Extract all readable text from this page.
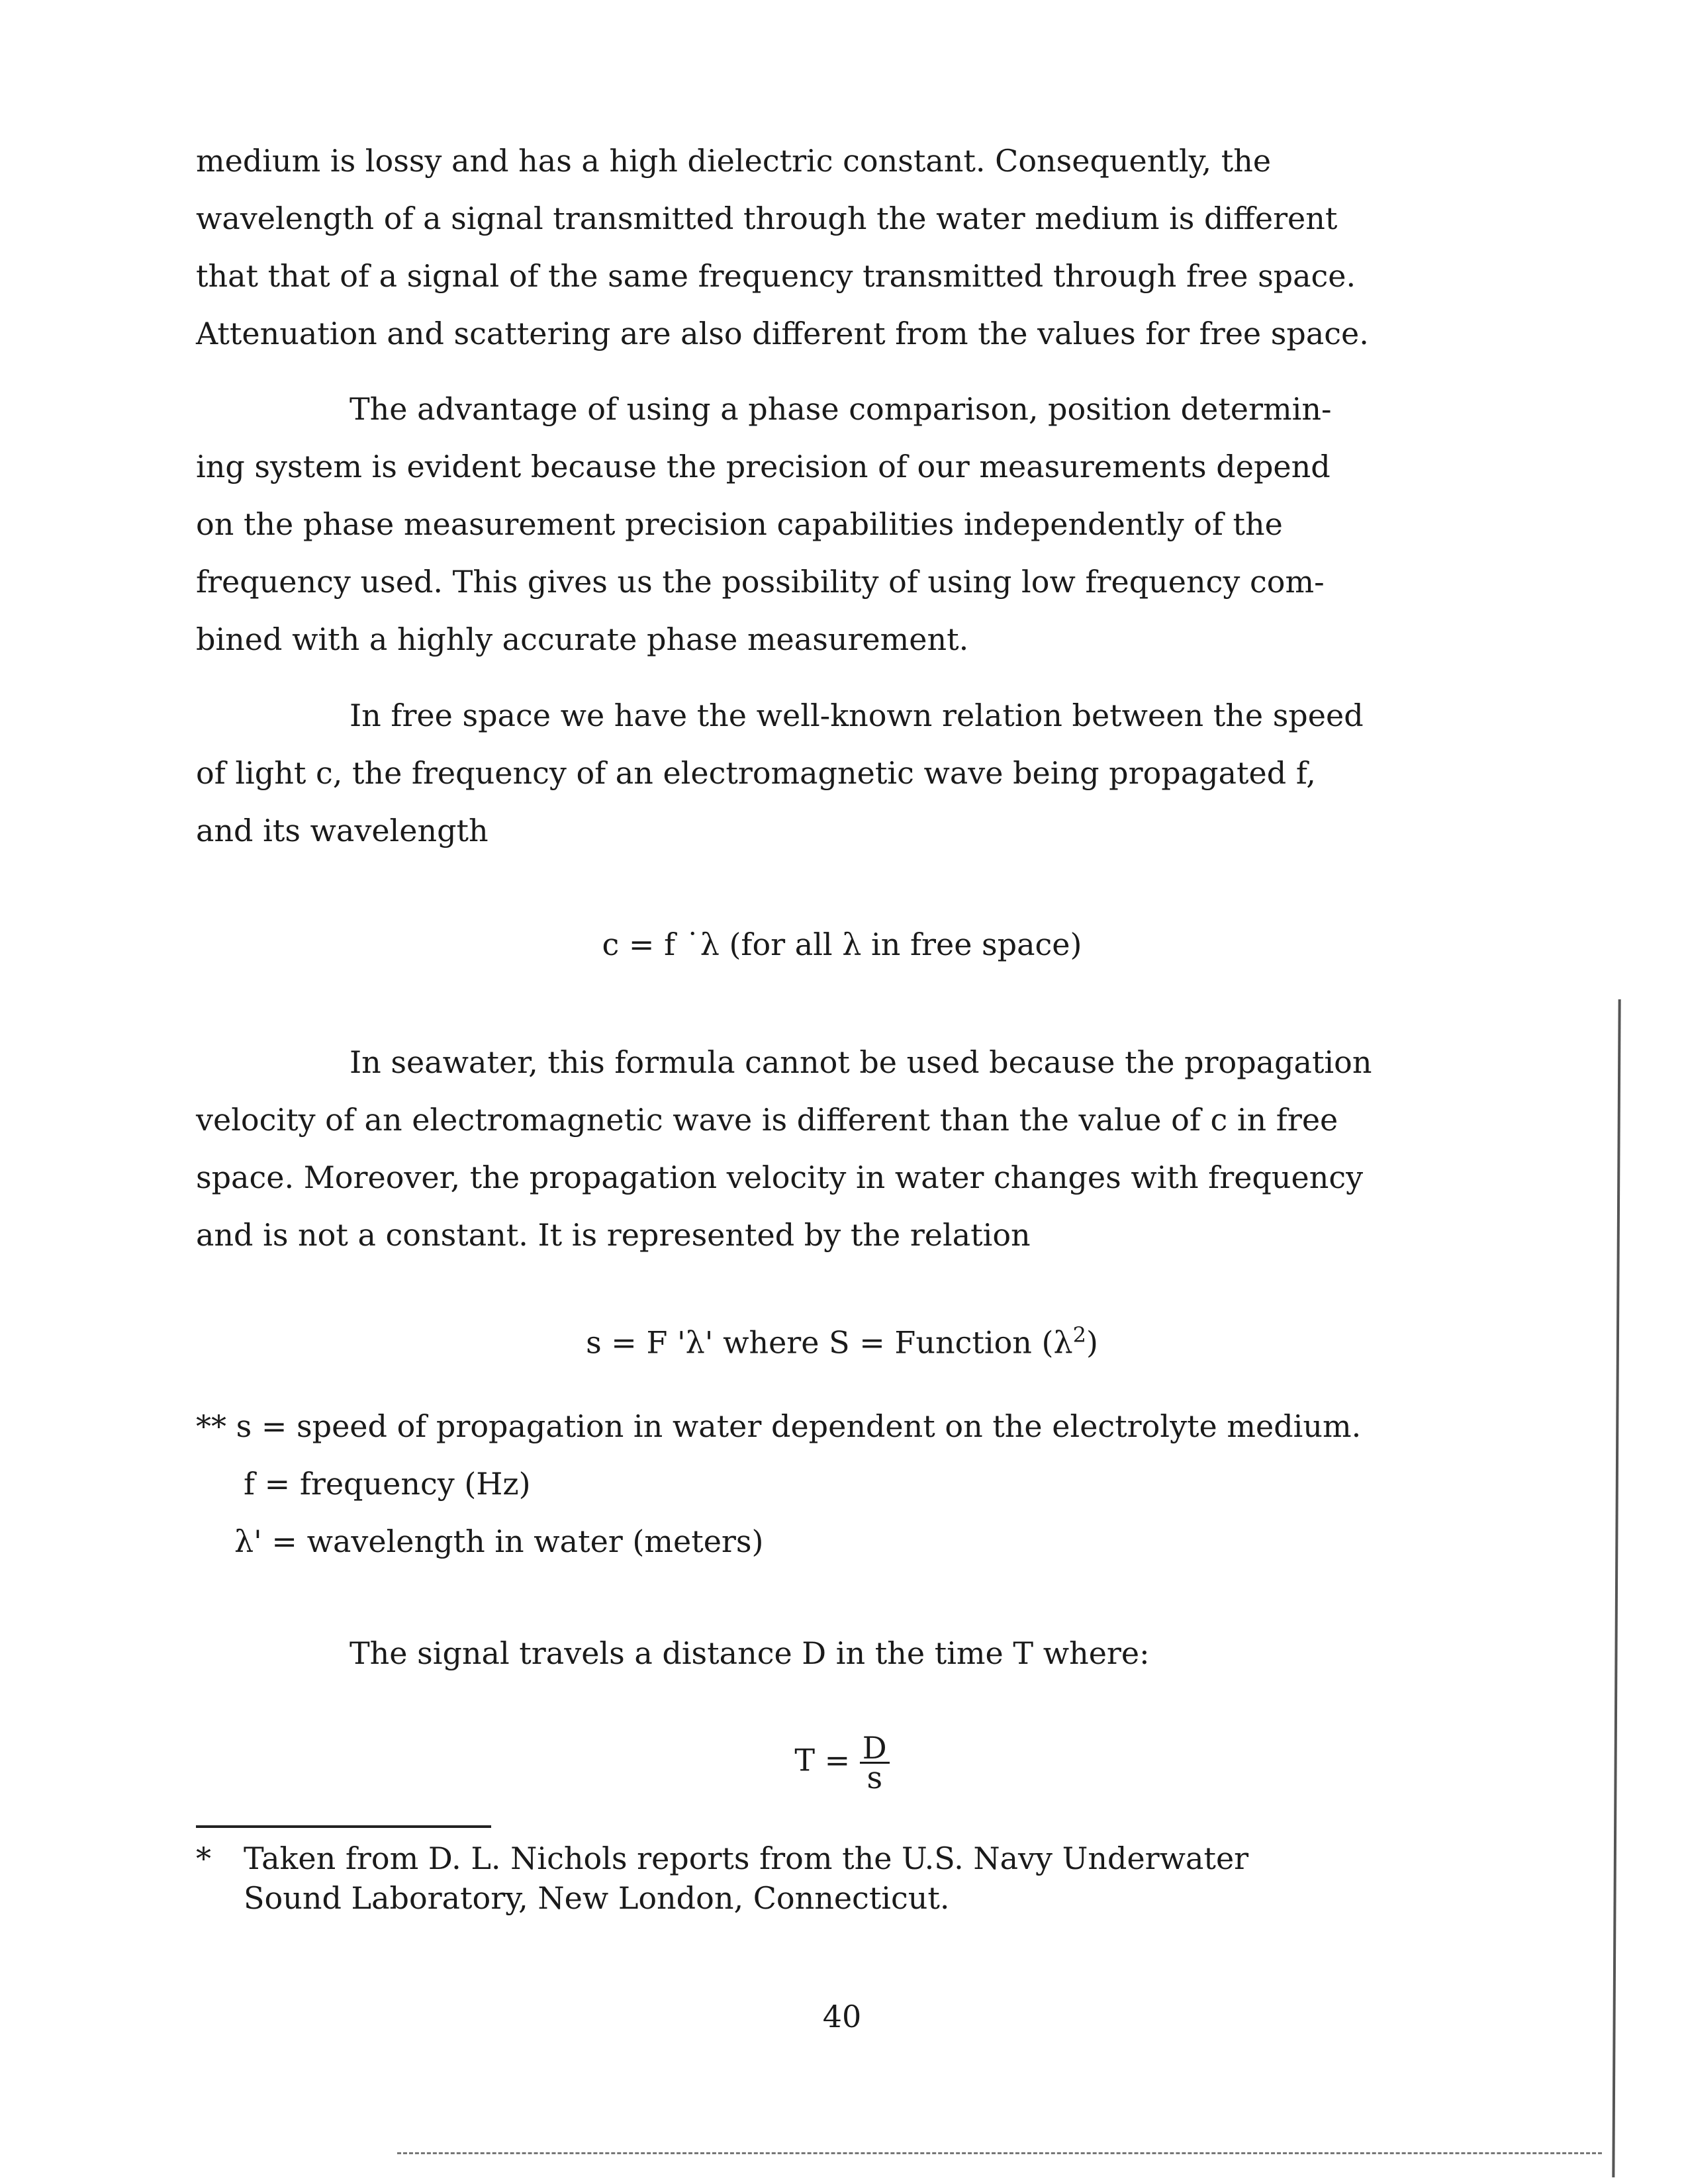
medium is lossy and has a high dielectric constant. Consequently, the
wavelength of a signal transmitted through the water medium is different
that that of a signal of the same frequency transmitted through free space.
Attenuation and scattering are also different from the values for free space.
The advantage of using a phase comparison, position determin-
ing system is evident because the precision of our measurements depend
on the phase measurement precision capabilities independently of the
frequency used. This gives us the possibility of using low frequency com-
bined with a highly accurate phase measurement.
In free space we have the well-known relation between the speed
of light c, the frequency of an electromagnetic wave being propagated f,
and its wavelength
c = f ˙λ (for all λ in free space)
In seawater, this formula cannot be used because the propagation
velocity of an electromagnetic wave is different than the value of c in free
space. Moreover, the propagation velocity in water changes with frequency
and is not a constant. It is represented by the relation
s = F 'λ' where S = Function $(\lambda^2)$
** s = speed of propagation in water dependent on the electrolyte medium.
f = frequency (Hz)
λ' = wavelength in water (meters)
The signal travels a distance D in the time T where:
$T = \frac{D}{s}$
* Taken from D. L. Nichols reports from the U.S. Navy Underwater
Sound Laboratory, New London, Connecticut.
40
